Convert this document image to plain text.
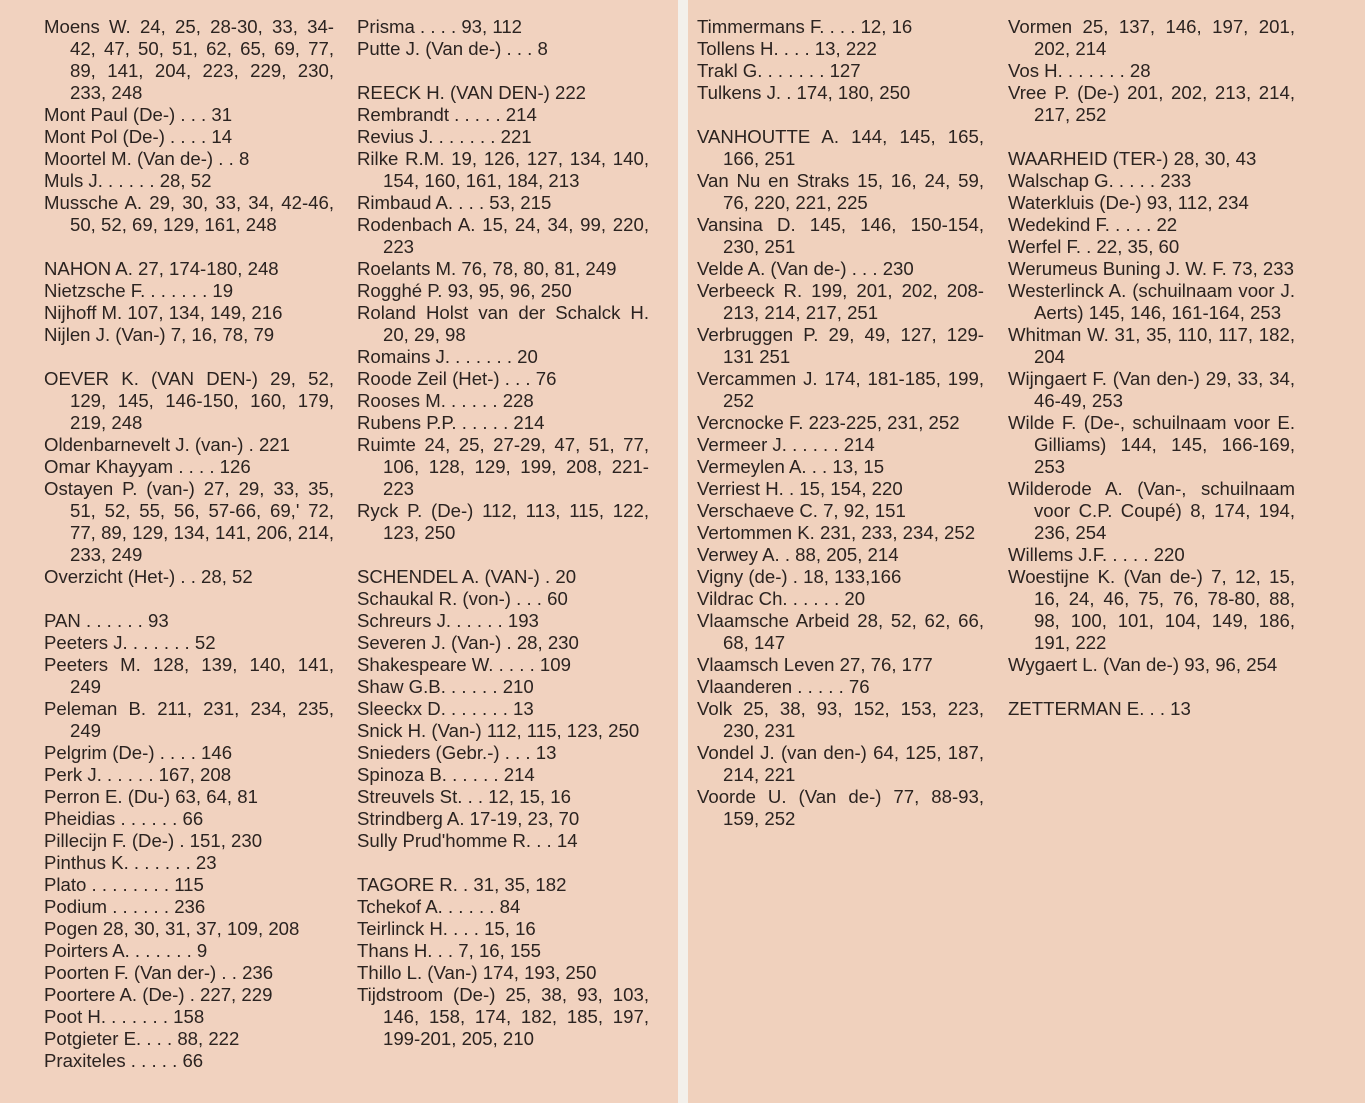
Moens W. 24, 25, 28-30, 33, 34-42, 47, 50, 51, 62, 65, 69, 77, 89, 141, 204, 223, 229, 230, 233, 248
Mont Paul (De-) . . . 31
Mont Pol (De-) . . . . 14
Moortel M. (Van de-) . . 8
Muls J. . . . . . 28, 52
Mussche A. 29, 30, 33, 34, 42-46, 50, 52, 69, 129, 161, 248
NAHON A. 27, 174-180, 248
Nietzsche F. . . . . . . 19
Nijhoff M. 107, 134, 149, 216
Nijlen J. (Van-) 7, 16, 78, 79
OEVER K. (VAN DEN-) 29, 52, 129, 145, 146-150, 160, 179, 219, 248
Oldenbarnevelt J. (van-) . 221
Omar Khayyam . . . . 126
Ostayen P. (van-) 27, 29, 33, 35, 51, 52, 55, 56, 57-66, 69,' 72, 77, 89, 129, 134, 141, 206, 214, 233, 249
Overzicht (Het-) . . 28, 52
PAN . . . . . . 93
Peeters J. . . . . . . 52
Peeters M. 128, 139, 140, 141, 249
Peleman B. 211, 231, 234, 235, 249
Pelgrim (De-) . . . . 146
Perk J. . . . . . 167, 208
Perron E. (Du-) 63, 64, 81
Pheidias . . . . . . 66
Pillecijn F. (De-) . 151, 230
Pinthus K. . . . . . . 23
Plato . . . . . . . . 115
Podium . . . . . . 236
Pogen 28, 30, 31, 37, 109, 208
Poirters A. . . . . . . 9
Poorten F. (Van der-) . . 236
Poortere A. (De-) . 227, 229
Poot H. . . . . . . 158
Potgieter E. . . . 88, 222
Praxiteles . . . . . 66
Prisma . . . . 93, 112
Putte J. (Van de-) . . . 8
REECK H. (VAN DEN-) 222
Rembrandt . . . . . 214
Revius J. . . . . . . 221
Rilke R.M. 19, 126, 127, 134, 140, 154, 160, 161, 184, 213
Rimbaud A. . . . 53, 215
Rodenbach A. 15, 24, 34, 99, 220, 223
Roelants M. 76, 78, 80, 81, 249
Rogghé P. 93, 95, 96, 250
Roland Holst van der Schalck H. 20, 29, 98
Romains J. . . . . . . 20
Roode Zeil (Het-) . . . 76
Rooses M. . . . . . 228
Rubens P.P. . . . . . 214
Ruimte 24, 25, 27-29, 47, 51, 77, 106, 128, 129, 199, 208, 221-223
Ryck P. (De-) 112, 113, 115, 122, 123, 250
SCHENDEL A. (VAN-) . 20
Schaukal R. (von-) . . . 60
Schreurs J. . . . . . 193
Severen J. (Van-) . 28, 230
Shakespeare W. . . . . 109
Shaw G.B. . . . . . 210
Sleeckx D. . . . . . . 13
Snick H. (Van-) 112, 115, 123, 250
Snieders (Gebr.-) . . . 13
Spinoza B. . . . . . 214
Streuvels St. . . 12, 15, 16
Strindberg A. 17-19, 23, 70
Sully Prud'homme R. . . 14
TAGORE R. . 31, 35, 182
Tchekof A. . . . . . 84
Teirlinck H. . . . 15, 16
Thans H. . . 7, 16, 155
Thillo L. (Van-) 174, 193, 250
Tijdstroom (De-) 25, 38, 93, 103, 146, 158, 174, 182, 185, 197, 199-201, 205, 210
Timmermans F. . . . 12, 16
Tollens H. . . . 13, 222
Trakl G. . . . . . . 127
Tulkens J. . 174, 180, 250
VANHOUTTE A. 144, 145, 165, 166, 251
Van Nu en Straks 15, 16, 24, 59, 76, 220, 221, 225
Vansina D. 145, 146, 150-154, 230, 251
Velde A. (Van de-) . . . 230
Verbeeck R. 199, 201, 202, 208-213, 214, 217, 251
Verbruggen P. 29, 49, 127, 129-131 251
Vercammen J. 174, 181-185, 199, 252
Vercnocke F. 223-225, 231, 252
Vermeer J. . . . . . 214
Vermeylen A. . . 13, 15
Verriest H. . 15, 154, 220
Verschaeve C. 7, 92, 151
Vertommen K. 231, 233, 234, 252
Verwey A. . 88, 205, 214
Vigny (de-) . 18, 133,166
Vildrac Ch. . . . . . 20
Vlaamsche Arbeid 28, 52, 62, 66, 68, 147
Vlaamsch Leven 27, 76, 177
Vlaanderen . . . . . 76
Volk 25, 38, 93, 152, 153, 223, 230, 231
Vondel J. (van den-) 64, 125, 187, 214, 221
Voorde U. (Van de-) 77, 88-93, 159, 252
Vormen 25, 137, 146, 197, 201, 202, 214
Vos H. . . . . . . 28
Vree P. (De-) 201, 202, 213, 214, 217, 252
WAARHEID (TER-) 28, 30, 43
Walschap G. . . . . 233
Waterkluis (De-) 93, 112, 234
Wedekind F. . . . . 22
Werfel F. . 22, 35, 60
Werumeus Buning J. W. F. 73, 233
Westerlinck A. (schuilnaam voor J. Aerts) 145, 146, 161-164, 253
Whitman W. 31, 35, 110, 117, 182, 204
Wijngaert F. (Van den-) 29, 33, 34, 46-49, 253
Wilde F. (De-, schuilnaam voor E. Gilliams) 144, 145, 166-169, 253
Wilderode A. (Van-, schuilnaam voor C.P. Coupé) 8, 174, 194, 236, 254
Willems J.F. . . . . 220
Woestijne K. (Van de-) 7, 12, 15, 16, 24, 46, 75, 76, 78-80, 88, 98, 100, 101, 104, 149, 186, 191, 222
Wygaert L. (Van de-) 93, 96, 254
ZETTERMAN E. . . 13
